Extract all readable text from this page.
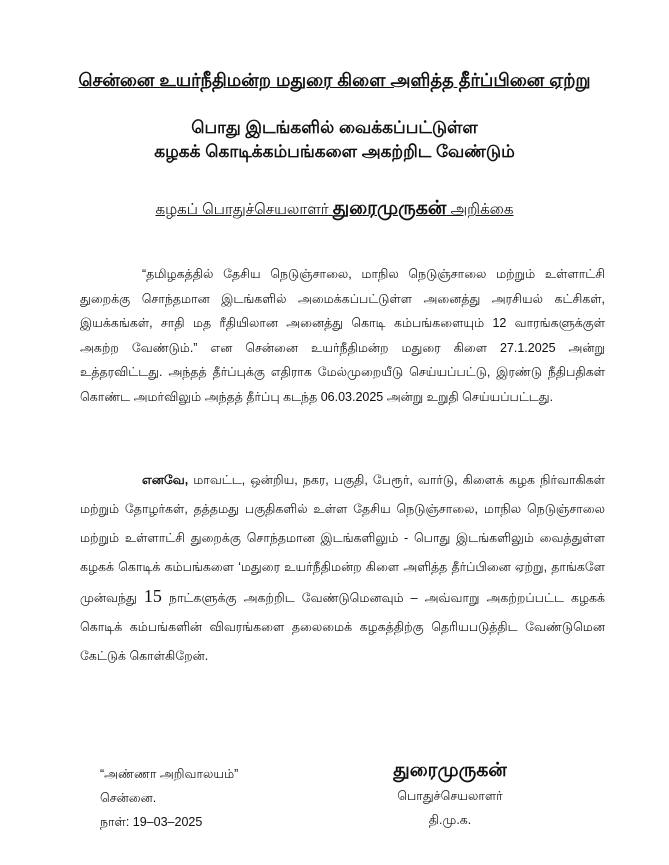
சென்னை உயர்நீதிமன்ற மதுரை கிளை அளித்த தீர்ப்பினை ஏற்று
பொது இடங்களில் வைக்கப்பட்டுள்ள
கழகக் கொடிக்கம்பங்களை அகற்றிட வேண்டும்
கழகப் பொதுச்செயலாளர் துரைமுருகன் அறிக்கை
“தமிழகத்தில் தேசிய நெடுஞ்சாலை, மாநில நெடுஞ்சாலை மற்றும் உள்ளாட்சி துறைக்கு சொந்தமான இடங்களில் அமைக்கப்பட்டுள்ள அனைத்து அரசியல் கட்சிகள், இயக்கங்கள், சாதி மத ரீதியிலான அனைத்து கொடி கம்பங்களையும் 12 வாரங்களுக்குள் அகற்ற வேண்டும்.” என சென்னை உயர்நீதிமன்ற மதுரை கிளை 27.1.2025 அன்று உத்தரவிட்டது. அந்தத் தீர்ப்புக்கு எதிராக மேல்முறையீடு செய்யப்பட்டு, இரண்டு நீதிபதிகள் கொண்ட அமர்விலும் அந்தத் தீர்ப்பு கடந்த 06.03.2025 அன்று உறுதி செய்யப்பட்டது.
எனவே, மாவட்ட, ஒன்றிய, நகர, பகுதி, பேரூர், வார்டு, கிளைக் கழக நிர்வாகிகள் மற்றும் தோழர்கள், தத்தமது பகுதிகளில் உள்ள தேசிய நெடுஞ்சாலை, மாநில நெடுஞ்சாலை மற்றும் உள்ளாட்சி துறைக்கு சொந்தமான இடங்களிலும் - பொது இடங்களிலும் வைத்துள்ள கழகக் கொடிக் கம்பங்களை ‘மதுரை உயர்நீதிமன்ற கிளை அளித்த தீர்ப்பினை ஏற்று, தாங்களே முன்வந்து 15 நாட்களுக்கு அகற்றிட வேண்டுமெனவும் – அவ்வாறு அகற்றப்பட்ட கழகக் கொடிக் கம்பங்களின் விவரங்களை தலைமைக் கழகத்திற்கு தெரியபடுத்திட வேண்டுமென கேட்டுக் கொள்கிறேன்.
“அண்ணா அறிவாலயம்”
சென்னை.
நாள்: 19–03–2025
துரைமுருகன்
பொதுச்செயலாளர்
தி.மு.க.
